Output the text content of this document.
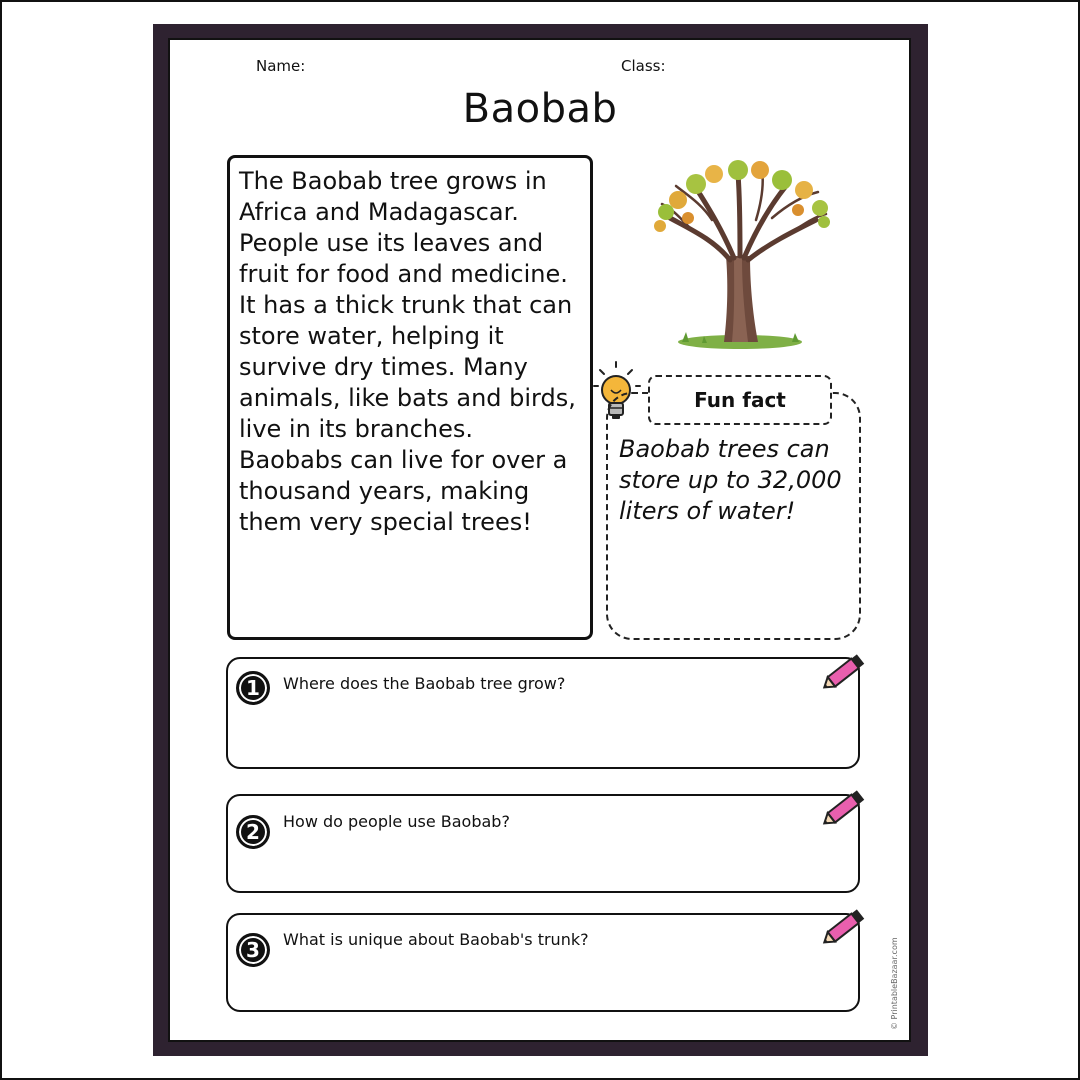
Name:	Class:
Baobab
The Baobab tree grows in Africa and Madagascar. People use its leaves and fruit for food and medicine. It has a thick trunk that can store water, helping it survive dry times. Many animals, like bats and birds, live in its branches. Baobabs can live for over a thousand years, making them very special trees!
Fun fact
Baobab trees can store up to 32,000 liters of water!
1	Where does the Baobab tree grow?
2	How do people use Baobab?
3	What is unique about Baobab's trunk?	© PrintableBazaar.com
